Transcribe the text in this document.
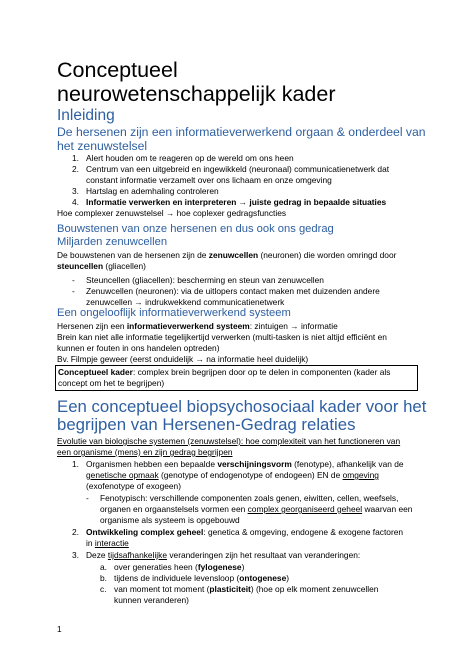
Conceptueel
neurowetenschappelijk kader
Inleiding
De hersenen zijn een informatieverwerkend orgaan & onderdeel van
het zenuwstelsel
1. Alert houden om te reageren op de wereld om ons heen
2. Centrum van een uitgebreid en ingewikkeld (neuronaal) communicatienetwerk dat
constant informatie verzamelt over ons lichaam en onze omgeving
3. Hartslag en ademhaling controleren
4. Informatie verwerken en interpreteren → juiste gedrag in bepaalde situaties
Hoe complexer zenuwstelsel → hoe coplexer gedragsfuncties
Bouwstenen van onze hersenen en dus ook ons gedrag
Miljarden zenuwcellen
De bouwstenen van de hersenen zijn de zenuwcellen (neuronen) die worden omringd door
steuncellen (gliacellen)
- Steuncellen (gliacellen): bescherming en steun van zenuwcellen
- Zenuwcellen (neuronen): via de uitlopers contact maken met duizenden andere
zenuwcellen → indrukwekkend communicatienetwerk
Een ongelooflijk informatieverwerkend systeem
Hersenen zijn een informatieverwerkend systeem: zintuigen → informatie
Brein kan niet alle informatie tegelijkertijd verwerken (multi-tasken is niet altijd efficiënt en
kunnen er fouten in ons handelen optreden)
Bv. Filmpje geweer (eerst onduidelijk → na informatie heel duidelijk)
Conceptueel kader: complex brein begrijpen door op te delen in componenten (kader als
concept om het te begrijpen)
Een conceptueel biopsychosociaal kader voor het
begrijpen van Hersenen-Gedrag relaties
Evolutie van biologische systemen (zenuwstelsel): hoe complexiteit van het functioneren van
een organisme (mens) en zijn gedrag begrijpen
1. Organismen hebben een bepaalde verschijningsvorm (fenotype), afhankelijk van de
genetische opmaak (genotype of endogenotype of endogeen) EN de omgeving
(exofenotype of exogeen)
- Fenotypisch: verschillende componenten zoals genen, eiwitten, cellen, weefsels,
organen en orgaanstelsels vormen een complex georganiseerd geheel waarvan een
organisme als systeem is opgebouwd
2. Ontwikkeling complex geheel: genetica & omgeving, endogene & exogene factoren
in interactie
3. Deze tijdsafhankelijke veranderingen zijn het resultaat van veranderingen:
a. over generaties heen (fylogenese)
b. tijdens de individuele levensloop (ontogenese)
c. van moment tot moment (plasticiteit) (hoe op elk moment zenuwcellen
kunnen veranderen)
1
